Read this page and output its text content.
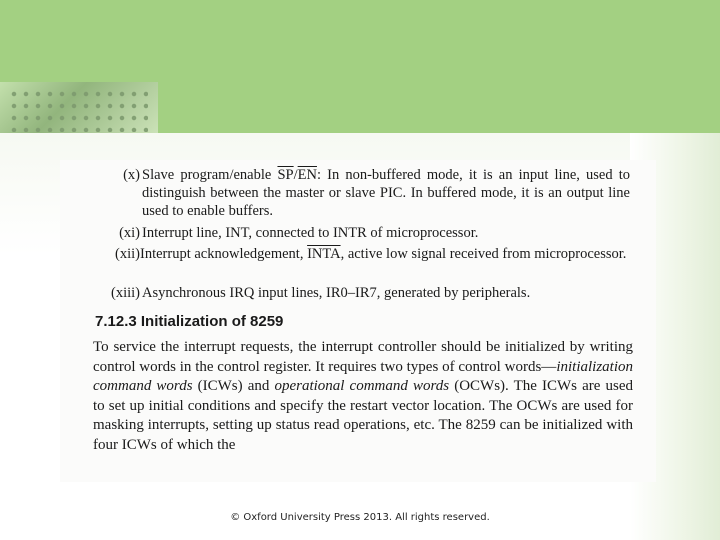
(x) Slave program/enable $\overline{SP}/\overline{EN}$: In non-buffered mode, it is an input line, used to distinguish between the master or slave PIC. In buffered mode, it is an output line used to enable buffers.
(xi) Interrupt line, INT, connected to INTR of microprocessor.
(xii) Interrupt acknowledgement, INTA, active low signal received from microprocessor.
(xiii) Asynchronous IRQ input lines, IR0–IR7, generated by peripherals.
7.12.3 Initialization of 8259
To service the interrupt requests, the interrupt controller should be initialized by writing control words in the control register. It requires two types of control words—initialization command words (ICWs) and operational command words (OCWs). The ICWs are used to set up initial conditions and specify the restart vector location. The OCWs are used for masking interrupts, setting up status read operations, etc. The 8259 can be initialized with four ICWs of which the
© Oxford University Press 2013. All rights reserved.
